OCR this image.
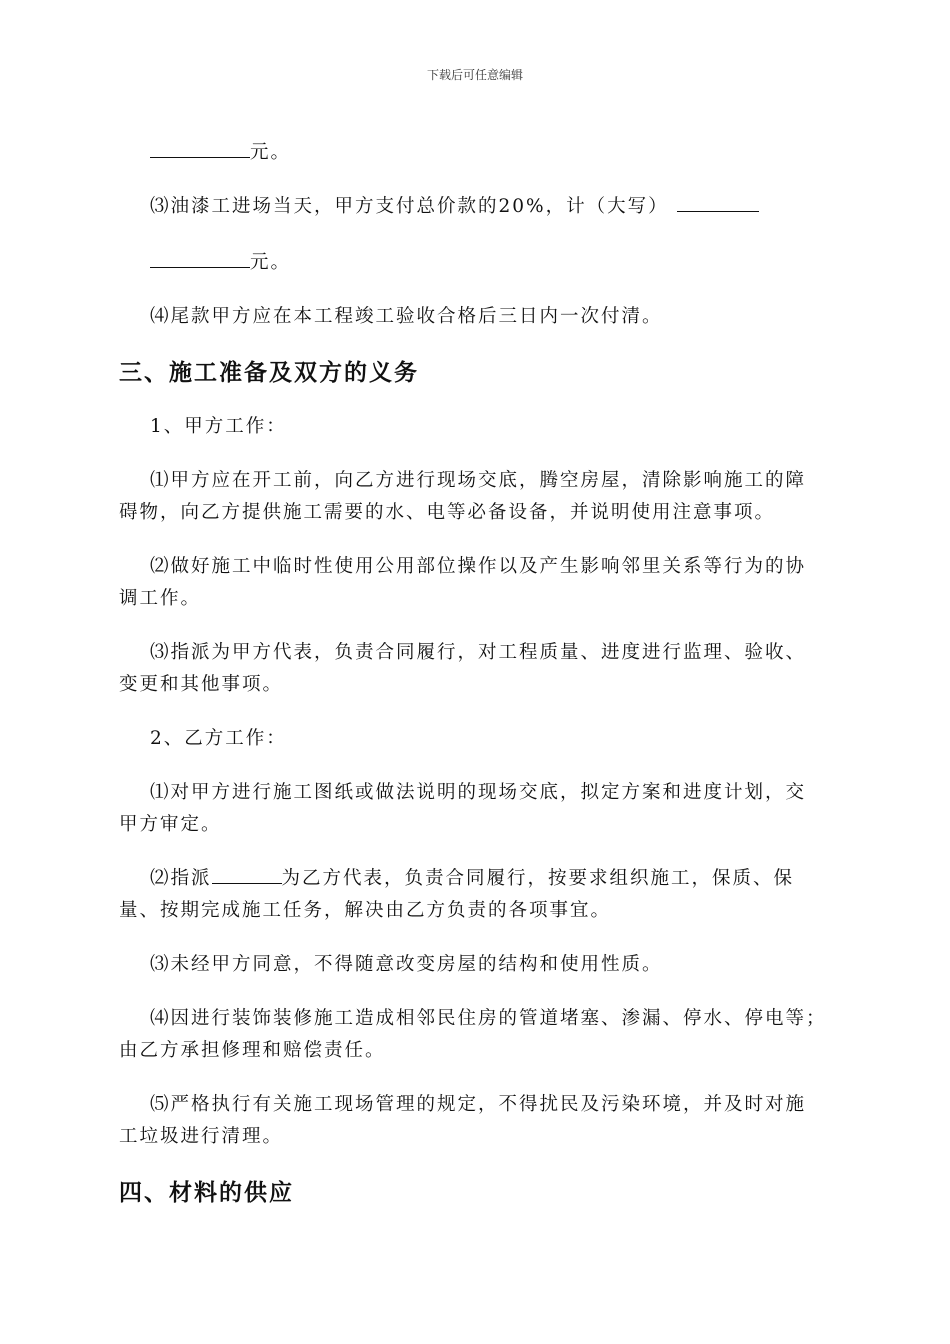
下载后可任意编辑
元。
⑶油漆工进场当天，甲方支付总价款的20%，计（大写）
元。
⑷尾款甲方应在本工程竣工验收合格后三日内一次付清。
三、施工准备及双方的义务
1、甲方工作：
⑴甲方应在开工前，向乙方进行现场交底，腾空房屋，清除影响施工的障
碍物，向乙方提供施工需要的水、电等必备设备，并说明使用注意事项。
⑵做好施工中临时性使用公用部位操作以及产生影响邻里关系等行为的协
调工作。
⑶指派为甲方代表，负责合同履行，对工程质量、进度进行监理、验收、
变更和其他事项。
2、乙方工作：
⑴对甲方进行施工图纸或做法说明的现场交底，拟定方案和进度计划，交
甲方审定。
⑵指派	为乙方代表，负责合同履行，按要求组织施工，保质、保
量、按期完成施工任务，解决由乙方负责的各项事宜。
⑶未经甲方同意，不得随意改变房屋的结构和使用性质。
⑷因进行装饰装修施工造成相邻民住房的管道堵塞、渗漏、停水、停电等；
由乙方承担修理和赔偿责任。
⑸严格执行有关施工现场管理的规定，不得扰民及污染环境，并及时对施
工垃圾进行清理。
四、材料的供应
